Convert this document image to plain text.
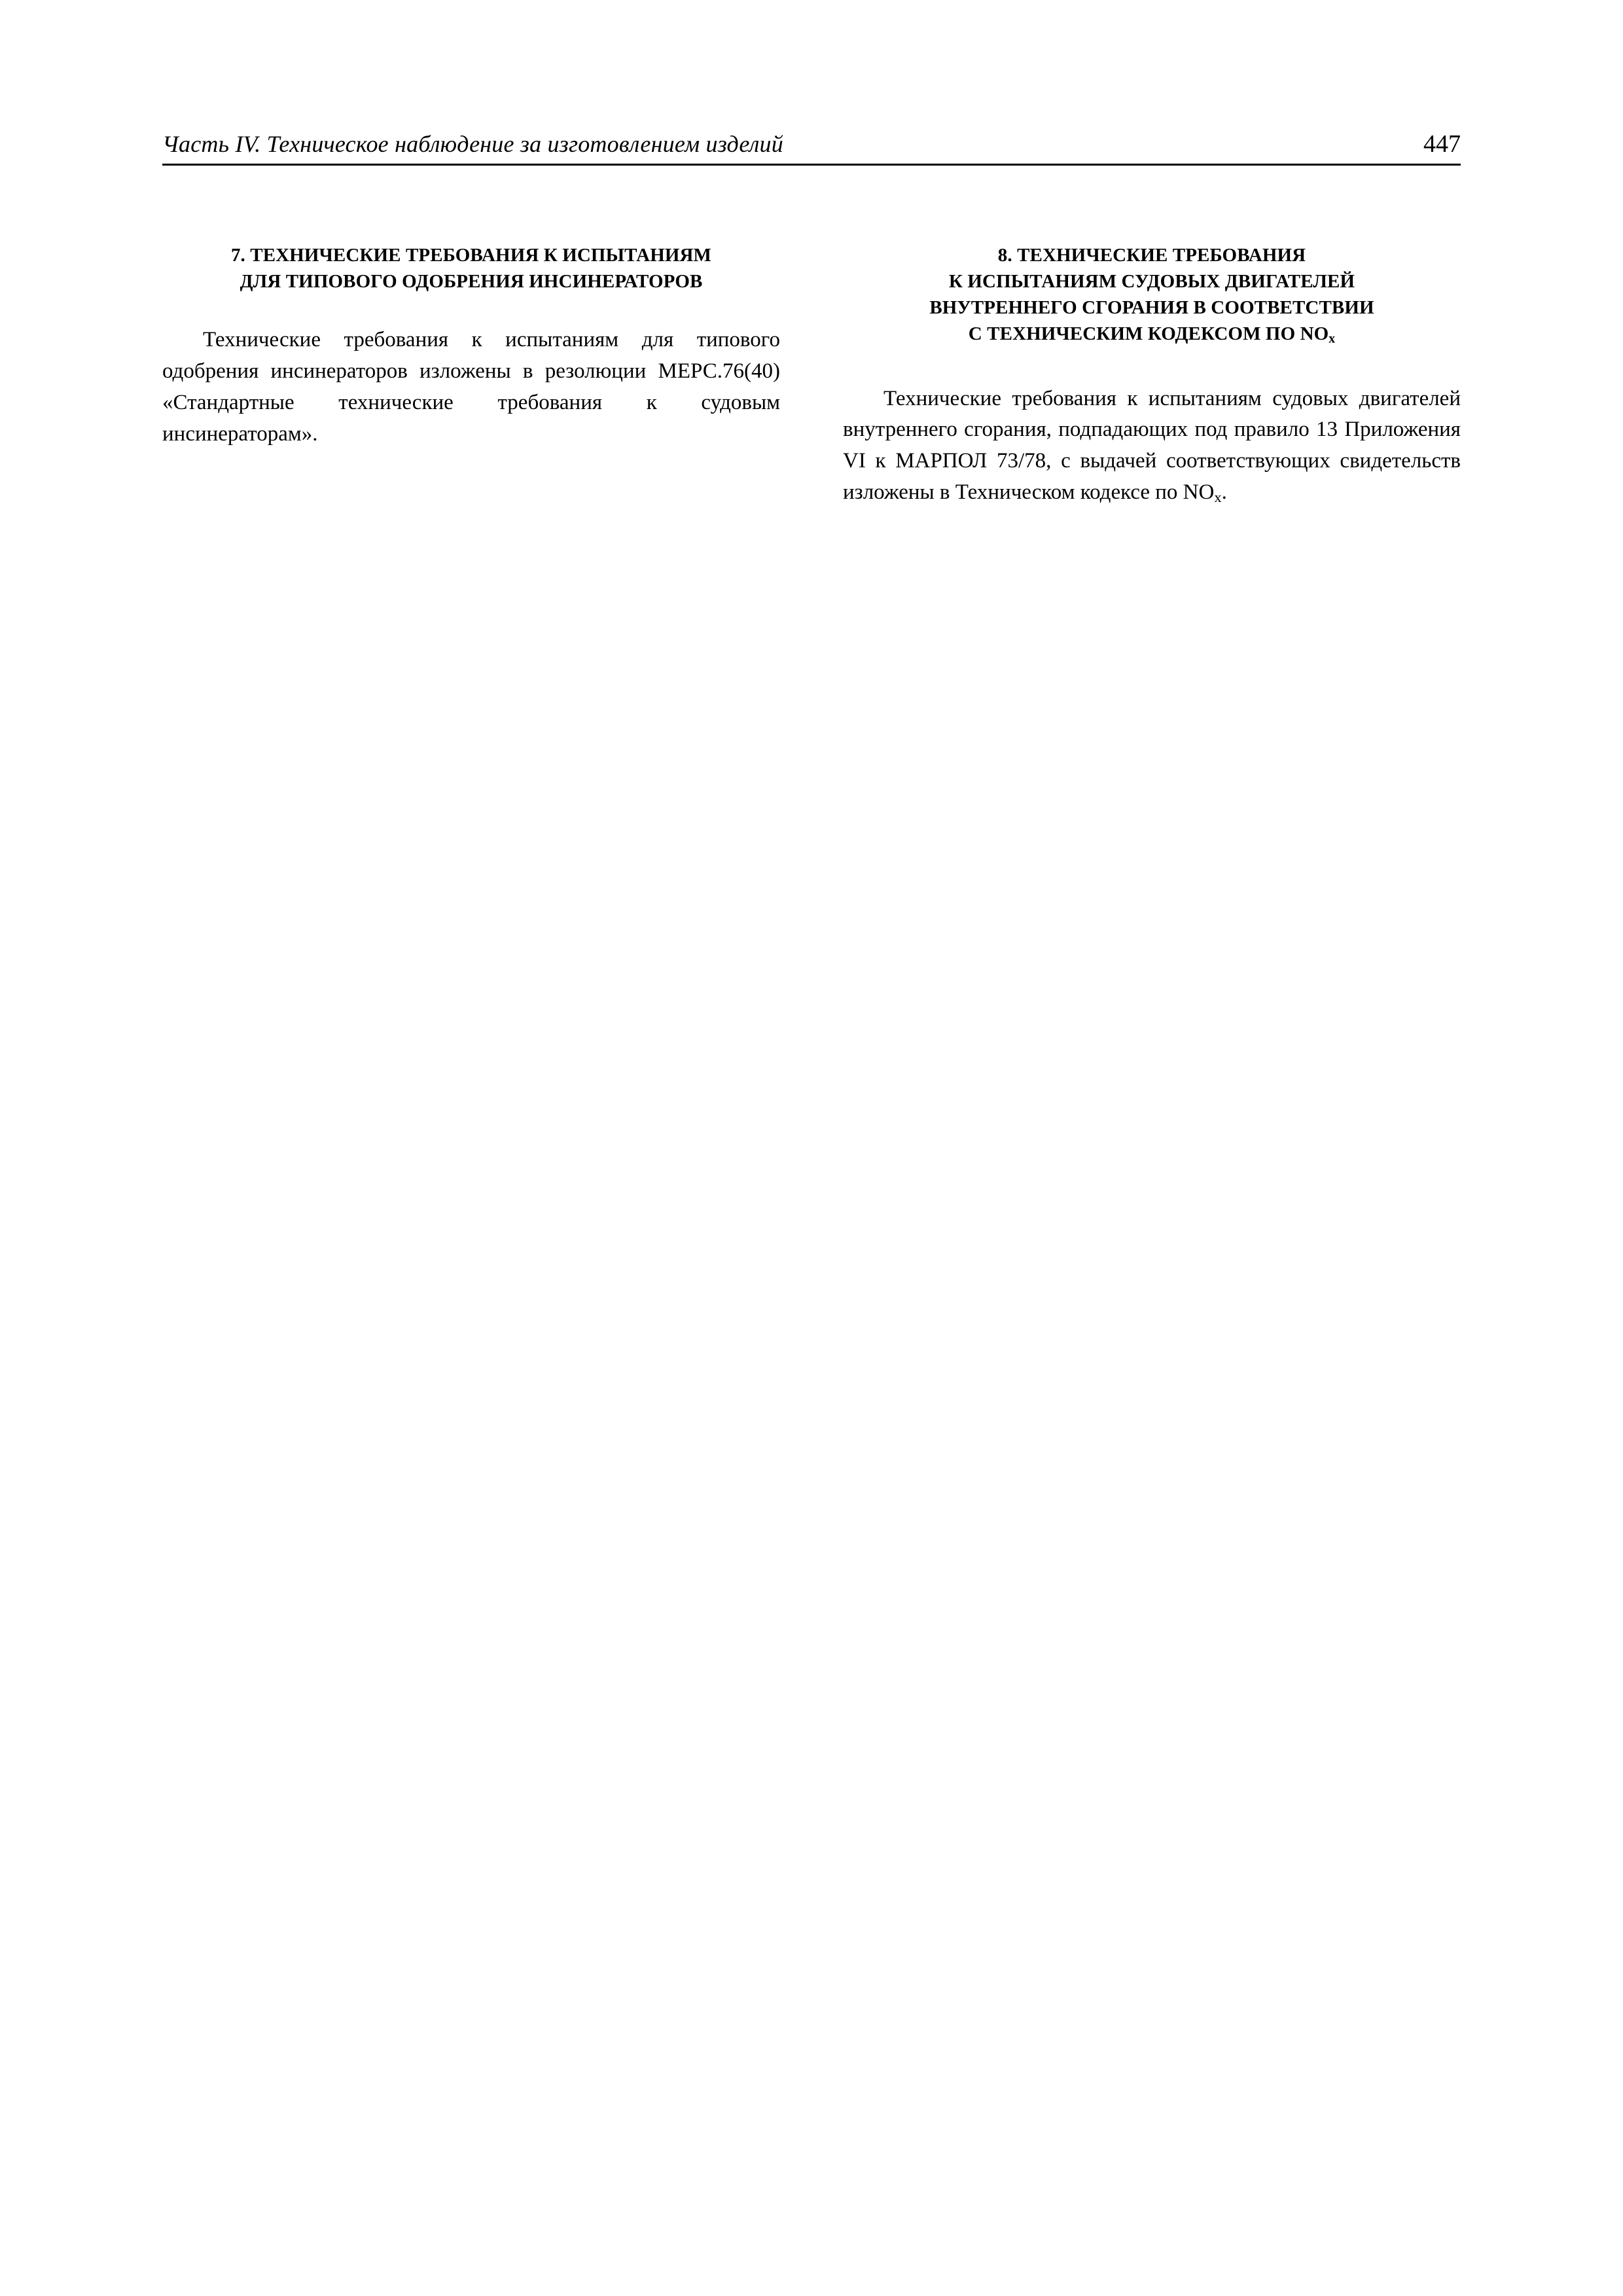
Часть IV. Техническое наблюдение за изготовлением изделий	447
7. ТЕХНИЧЕСКИЕ ТРЕБОВАНИЯ К ИСПЫТАНИЯМ
ДЛЯ ТИПОВОГО ОДОБРЕНИЯ ИНСИНЕРАТОРОВ

Технические требования к испытаниям для типового одобрения инсинераторов изложены в резолюции МЕРС.76(40) «Стандартные технические требования к судовым инсинераторам».

8. ТЕХНИЧЕСКИЕ ТРЕБОВАНИЯ
К ИСПЫТАНИЯМ СУДОВЫХ ДВИГАТЕЛЕЙ
ВНУТРЕННЕГО СГОРАНИЯ В СООТВЕТСТВИИ
С ТЕХНИЧЕСКИМ КОДЕКСОМ ПО $NO_x$

Технические требования к испытаниям судовых двигателей внутреннего сгорания, подпадающих под правило 13 Приложения VI к МАРПОЛ 73/78, с выдачей соответствующих свидетельств изложены в Техническом кодексе по $NO_x$.
